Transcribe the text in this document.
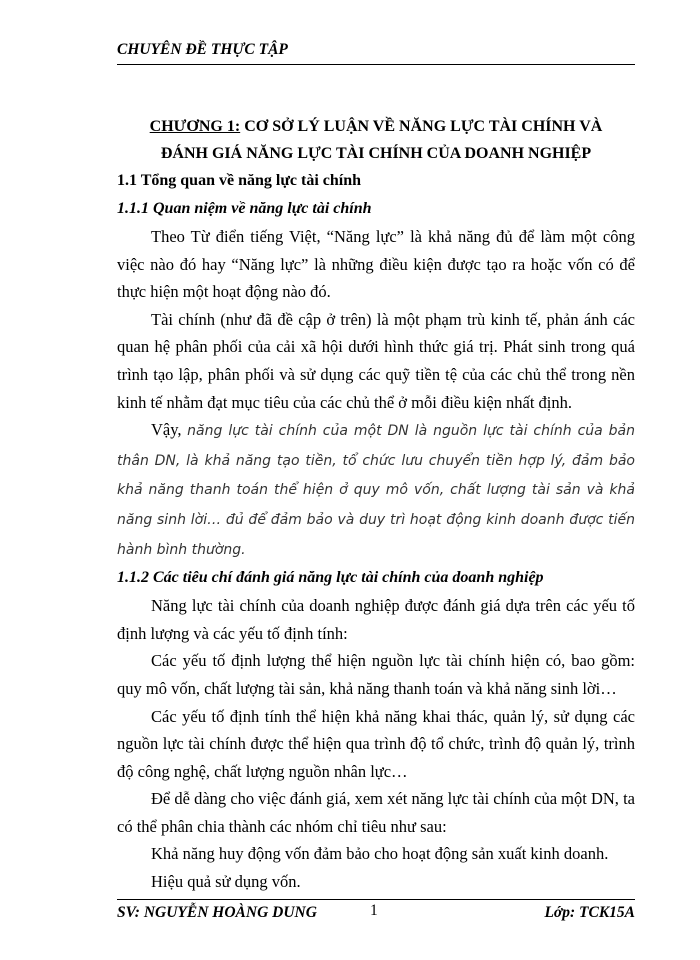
CHUYÊN ĐỀ THỰC TẬP

CHƯƠNG 1: CƠ SỞ LÝ LUẬN VỀ NĂNG LỰC TÀI CHÍNH VÀ

ĐÁNH GIÁ NĂNG LỰC TÀI CHÍNH CỦA DOANH NGHIỆP

1.1 Tổng quan về năng lực tài chính

1.1.1 Quan niệm về năng lực tài chính

Theo Từ điển tiếng Việt, “Năng lực” là khả năng đủ để làm một công việc nào đó hay “Năng lực” là những điều kiện được tạo ra hoặc vốn có để thực hiện một hoạt động nào đó.

Tài chính (như đã đề cập ở trên) là một phạm trù kinh tế, phản ánh các quan hệ phân phối của cải xã hội dưới hình thức giá trị. Phát sinh trong quá trình tạo lập, phân phối và sử dụng các quỹ tiền tệ của các chủ thể trong nền kinh tế nhằm đạt mục tiêu của các chủ thể ở mỗi điều kiện nhất định.

Vậy, năng lực tài chính của một DN là nguồn lực tài chính của bản thân DN, là khả năng tạo tiền, tổ chức lưu chuyển tiền hợp lý, đảm bảo khả năng thanh toán thể hiện ở quy mô vốn, chất lượng tài sản và khả năng sinh lời… đủ để đảm bảo và duy trì hoạt động kinh doanh được tiến hành bình thường.

1.1.2 Các tiêu chí đánh giá năng lực tài chính của doanh nghiệp

Năng lực tài chính của doanh nghiệp được đánh giá dựa trên các yếu tố định lượng và các yếu tố định tính:

Các yếu tố định lượng thể hiện nguồn lực tài chính hiện có, bao gồm: quy mô vốn, chất lượng tài sản, khả năng thanh toán và khả năng sinh lời…

Các yếu tố định tính thể hiện khả năng khai thác, quản lý, sử dụng các nguồn lực tài chính được thể hiện qua trình độ tổ chức, trình độ quản lý, trình độ công nghệ, chất lượng nguồn nhân lực…

Để dễ dàng cho việc đánh giá, xem xét năng lực tài chính của một DN, ta có thể phân chia thành các nhóm chỉ tiêu như sau:

Khả năng huy động vốn đảm bảo cho hoạt động sản xuất kinh doanh.

Hiệu quả sử dụng vốn.

SV: NGUYỄN HOÀNG DUNG	1	Lớp: TCK15A
